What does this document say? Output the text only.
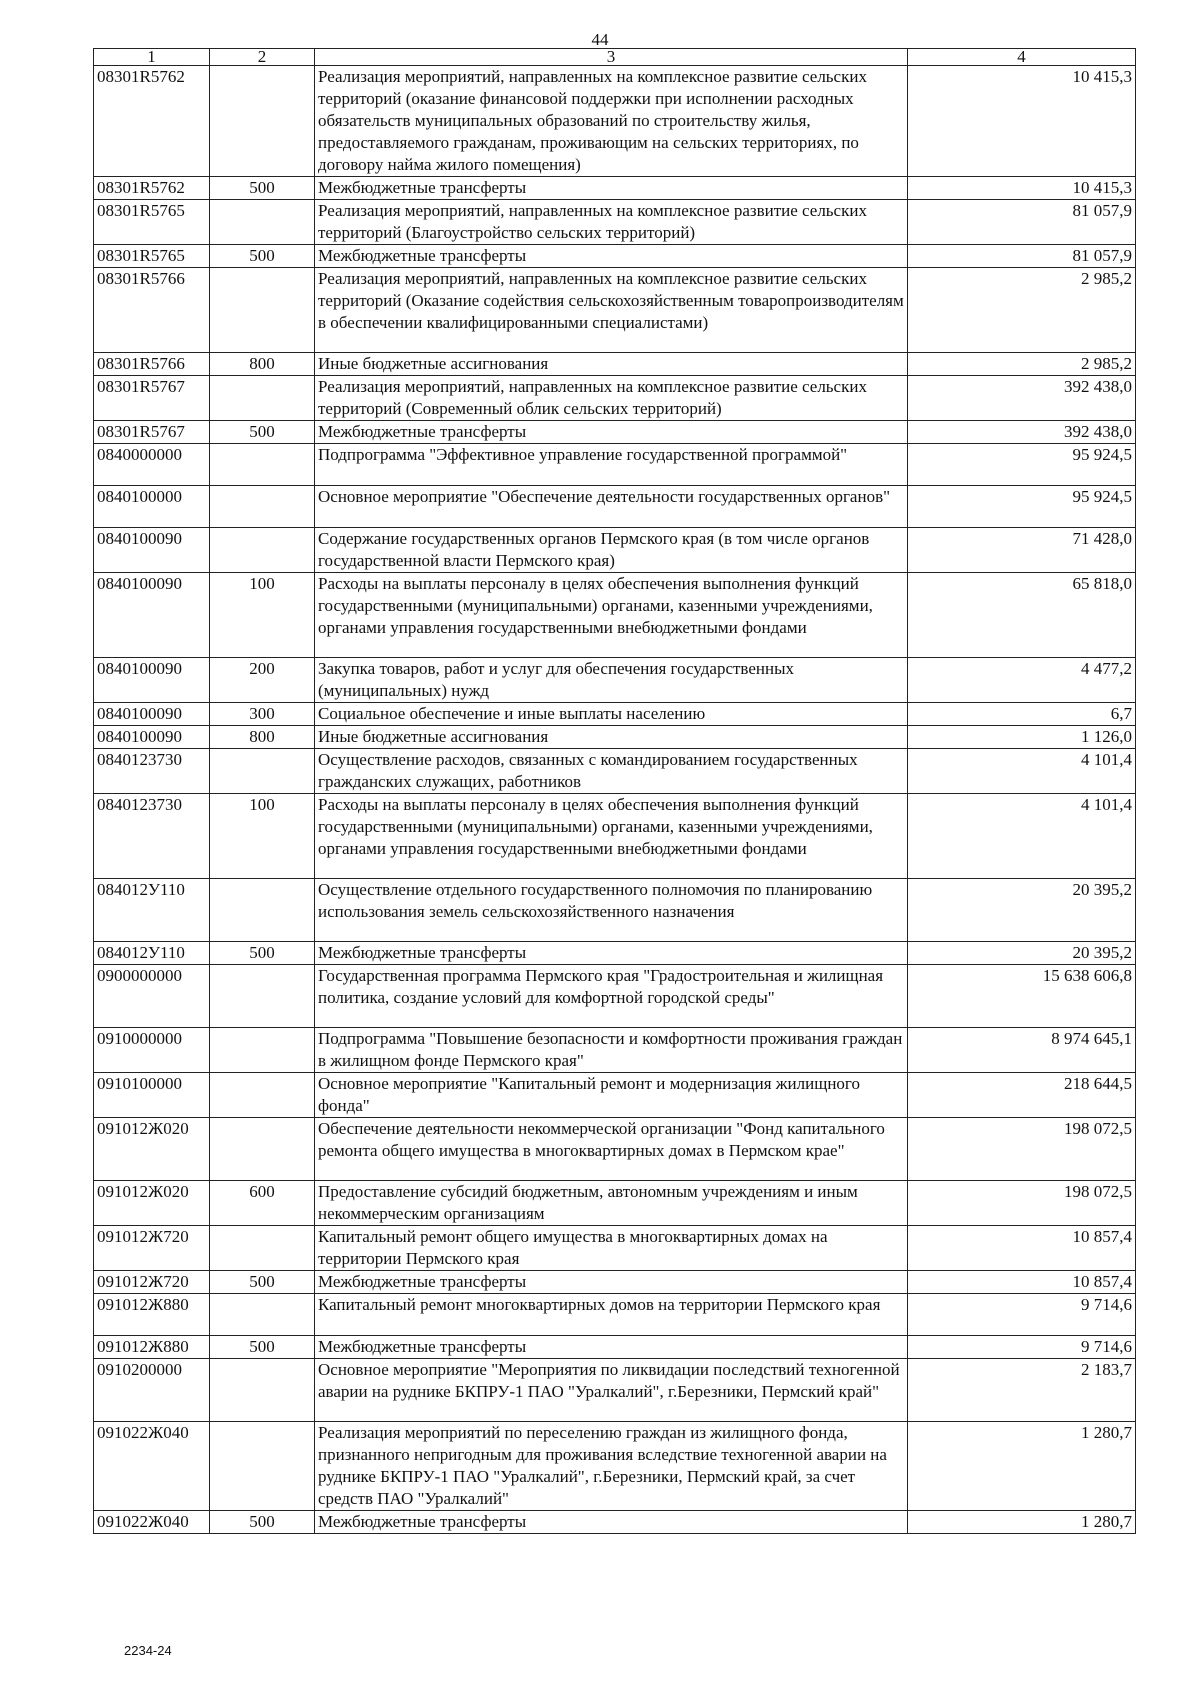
44
1	2	3	4
08301R5762		Реализация мероприятий, направленных на комплексное развитие сельских территорий (оказание финансовой поддержки при исполнении расходных обязательств муниципальных образований по строительству жилья, предоставляемого гражданам, проживающим на сельских территориях, по договору найма жилого помещения)	10 415,3
08301R5762	500	Межбюджетные трансферты	10 415,3
08301R5765		Реализация мероприятий, направленных на комплексное развитие сельских территорий (Благоустройство сельских территорий)	81 057,9
08301R5765	500	Межбюджетные трансферты	81 057,9
08301R5766		Реализация мероприятий, направленных на комплексное развитие сельских территорий (Оказание содействия сельскохозяйственным товаропроизводителям в обеспечении квалифицированными специалистами)	2 985,2
08301R5766	800	Иные бюджетные ассигнования	2 985,2
08301R5767		Реализация мероприятий, направленных на комплексное развитие сельских территорий (Современный облик сельских территорий)	392 438,0
08301R5767	500	Межбюджетные трансферты	392 438,0
0840000000		Подпрограмма "Эффективное управление государственной программой"	95 924,5
0840100000		Основное мероприятие "Обеспечение деятельности государственных органов"	95 924,5
0840100090		Содержание государственных органов Пермского края (в том числе органов государственной власти Пермского края)	71 428,0
0840100090	100	Расходы на выплаты персоналу в целях обеспечения выполнения функций государственными (муниципальными) органами, казенными учреждениями, органами управления государственными внебюджетными фондами	65 818,0
0840100090	200	Закупка товаров, работ и услуг для обеспечения государственных (муниципальных) нужд	4 477,2
0840100090	300	Социальное обеспечение и иные выплаты населению	6,7
0840100090	800	Иные бюджетные ассигнования	1 126,0
0840123730		Осуществление расходов, связанных с командированием государственных гражданских служащих, работников	4 101,4
0840123730	100	Расходы на выплаты персоналу в целях обеспечения выполнения функций государственными (муниципальными) органами, казенными учреждениями, органами управления государственными внебюджетными фондами	4 101,4
084012У110		Осуществление отдельного государственного полномочия по планированию использования земель сельскохозяйственного назначения	20 395,2
084012У110	500	Межбюджетные трансферты	20 395,2
0900000000		Государственная программа Пермского края "Градостроительная и жилищная политика, создание условий для комфортной городской среды"	15 638 606,8
0910000000		Подпрограмма "Повышение безопасности и комфортности проживания граждан в жилищном фонде Пермского края"	8 974 645,1
0910100000		Основное мероприятие "Капитальный ремонт и модернизация жилищного фонда"	218 644,5
091012Ж020		Обеспечение деятельности некоммерческой организации "Фонд капитального ремонта общего имущества в многоквартирных домах в Пермском крае"	198 072,5
091012Ж020	600	Предоставление субсидий бюджетным, автономным учреждениям и иным некоммерческим организациям	198 072,5
091012Ж720		Капитальный ремонт общего имущества в многоквартирных домах на территории Пермского края	10 857,4
091012Ж720	500	Межбюджетные трансферты	10 857,4
091012Ж880		Капитальный ремонт многоквартирных домов на территории Пермского края	9 714,6
091012Ж880	500	Межбюджетные трансферты	9 714,6
0910200000		Основное мероприятие "Мероприятия по ликвидации последствий техногенной аварии на руднике БКПРУ-1 ПАО "Уралкалий", г.Березники, Пермский край"	2 183,7
091022Ж040		Реализация мероприятий по переселению граждан из жилищного фонда, признанного непригодным для проживания вследствие техногенной аварии на руднике БКПРУ-1 ПАО "Уралкалий", г.Березники, Пермский край, за счет средств ПАО "Уралкалий"	1 280,7
091022Ж040	500	Межбюджетные трансферты	1 280,7
2234-24
